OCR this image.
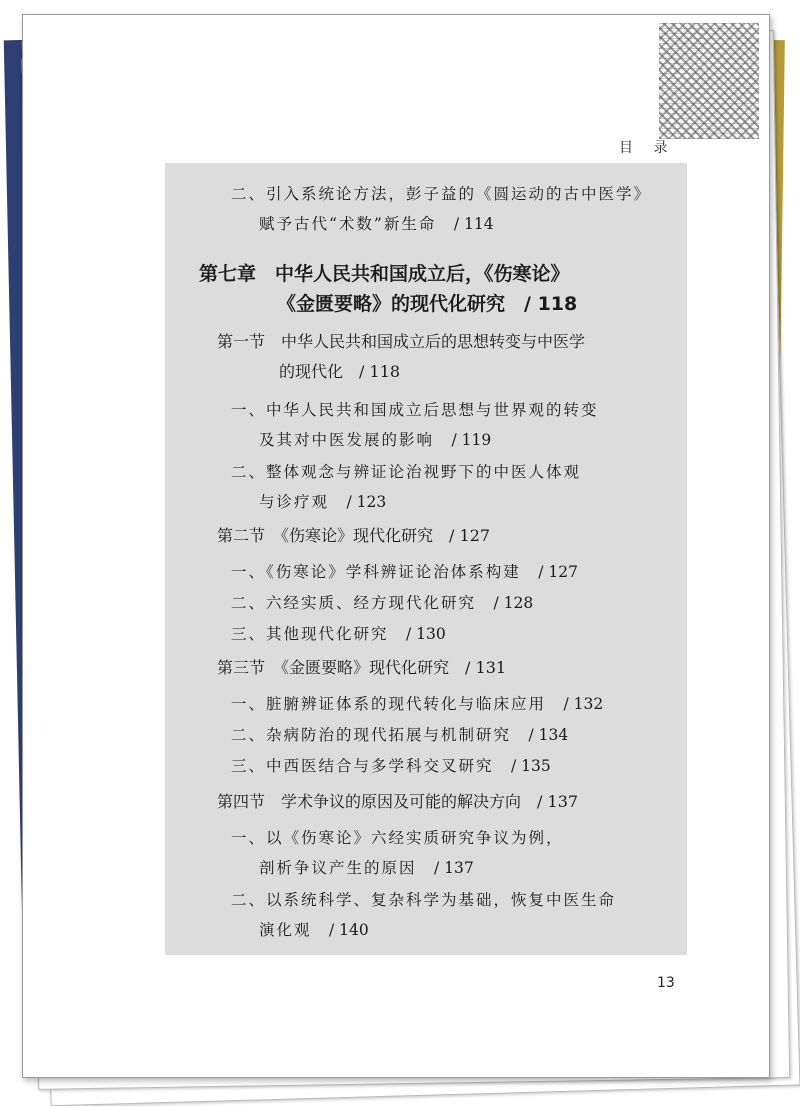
目 录
二、引入系统论方法，彭子益的《圆运动的古中医学》
赋予古代“术数”新生命　 / 114
第七章　中华人民共和国成立后，《伤寒论》
《金匮要略》的现代化研究　 / 118
第一节　中华人民共和国成立后的思想转变与中医学
的现代化　 / 118
一、中华人民共和国成立后思想与世界观的转变
及其对中医发展的影响　 / 119
二、整体观念与辨证论治视野下的中医人体观
与诊疗观　 / 123
第二节　《伤寒论》现代化研究　 / 127
一、《伤寒论》学科辨证论治体系构建　 / 127
二、六经实质、经方现代化研究　 / 128
三、其他现代化研究　 / 130
第三节　《金匮要略》现代化研究　 / 131
一、脏腑辨证体系的现代转化与临床应用　 / 132
二、杂病防治的现代拓展与机制研究　 / 134
三、中西医结合与多学科交叉研究　 / 135
第四节　学术争议的原因及可能的解决方向　 / 137
一、以《伤寒论》六经实质研究争议为例，
剖析争议产生的原因　 / 137
二、以系统科学、复杂科学为基础，恢复中医生命
演化观　 / 140
13
